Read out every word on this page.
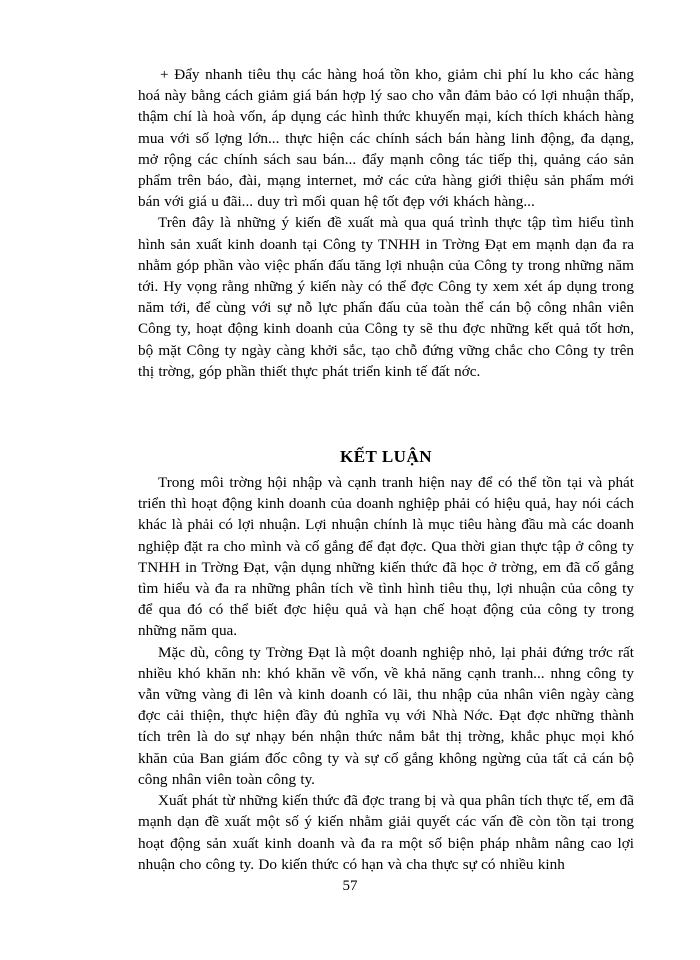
+ Đẩy nhanh tiêu thụ các hàng hoá tồn kho, giảm chi phí lu kho các hàng hoá này bằng cách giảm giá bán hợp lý sao cho vẫn đảm bảo có lợi nhuận thấp, thậm chí là hoà vốn, áp dụng các hình thức khuyến mại, kích thích khách hàng mua với số lợng lớn... thực hiện các chính sách bán hàng linh động, đa dạng, mở rộng các chính sách sau bán... đẩy mạnh công tác tiếp thị, quảng cáo sản phẩm trên báo, đài, mạng internet, mở các cửa hàng giới thiệu sản phẩm mới bán với giá u đãi... duy trì mối quan hệ tốt đẹp với khách hàng...

Trên đây là những ý kiến đề xuất mà qua quá trình thực tập tìm hiểu tình hình sản xuất kinh doanh tại Công ty TNHH in Trờng Đạt em mạnh dạn đa ra nhằm góp phần vào việc phấn đấu tăng lợi nhuận của Công ty trong những năm tới. Hy vọng rằng những ý kiến này có thể đợc Công ty xem xét áp dụng trong năm tới, để cùng với sự nỗ lực phấn đấu của toàn thể cán bộ công nhân viên Công ty, hoạt động kinh doanh của Công ty sẽ thu đợc những kết quả tốt hơn, bộ mặt Công ty ngày càng khởi sắc, tạo chỗ đứng vững chắc cho Công ty trên thị trờng, góp phần thiết thực phát triển kinh tế đất nớc.

KẾT LUẬN

Trong môi trờng hội nhập và cạnh tranh hiện nay để có thể tồn tại và phát triển thì hoạt động kinh doanh của doanh nghiệp phải có hiệu quả, hay nói cách khác là phải có lợi nhuận. Lợi nhuận chính là mục tiêu hàng đầu mà các doanh nghiệp đặt ra cho mình và cố gắng để đạt đợc. Qua thời gian thực tập ở công ty TNHH in Trờng Đạt, vận dụng những kiến thức đã học ở trờng, em đã cố gắng tìm hiểu và đa ra những phân tích về tình hình tiêu thụ, lợi nhuận của công ty để qua đó có thể biết đợc hiệu quả và hạn chế hoạt động của công ty trong những năm qua.

Mặc dù, công ty Trờng Đạt là một doanh nghiệp nhỏ, lại phải đứng trớc rất nhiều khó khăn nh: khó khăn về vốn, về khả năng cạnh tranh... nhng công ty vẫn vững vàng đi lên và kinh doanh có lãi, thu nhập của nhân viên ngày càng đợc cải thiện, thực hiện đầy đủ nghĩa vụ với Nhà Nớc. Đạt đợc những thành tích trên là do sự nhạy bén nhận thức nắm bắt thị trờng, khắc phục mọi khó khăn của Ban giám đốc công ty và sự cố gắng không ngừng của tất cả cán bộ công nhân viên toàn công ty.

Xuất phát từ những kiến thức đã đợc trang bị và qua phân tích thực tế, em đã mạnh dạn đề xuất một số ý kiến nhằm giải quyết các vấn đề còn tồn tại trong hoạt động sản xuất kinh doanh và đa ra một số biện pháp nhằm nâng cao lợi nhuận cho công ty. Do kiến thức có hạn và cha thực sự có nhiều kinh

57
